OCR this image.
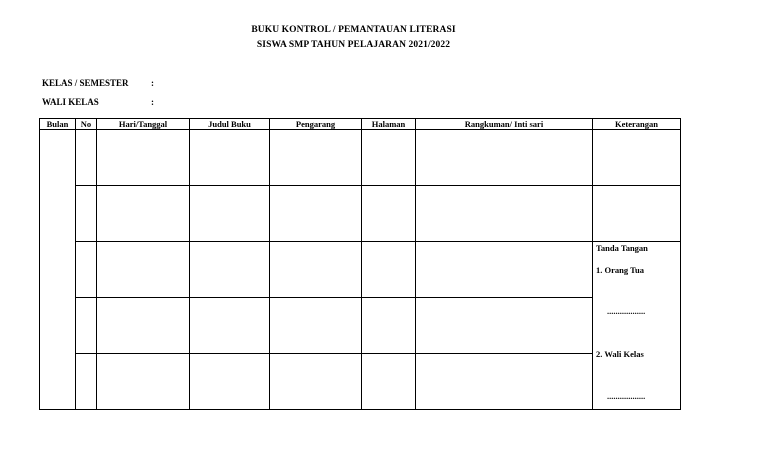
BUKU KONTROL / PEMANTAUAN LITERASI
SISWA SMP TAHUN PELAJARAN 2021/2022
KELAS / SEMESTER :
WALI KELAS	:
Bulan	No	Hari/Tanggal	Judul Buku	Pengarang	Halaman	Rangkuman/ Inti sari	Keterangan

							Tanda Tangan
1. Orang Tua
..................
2. Wali Kelas
..................
